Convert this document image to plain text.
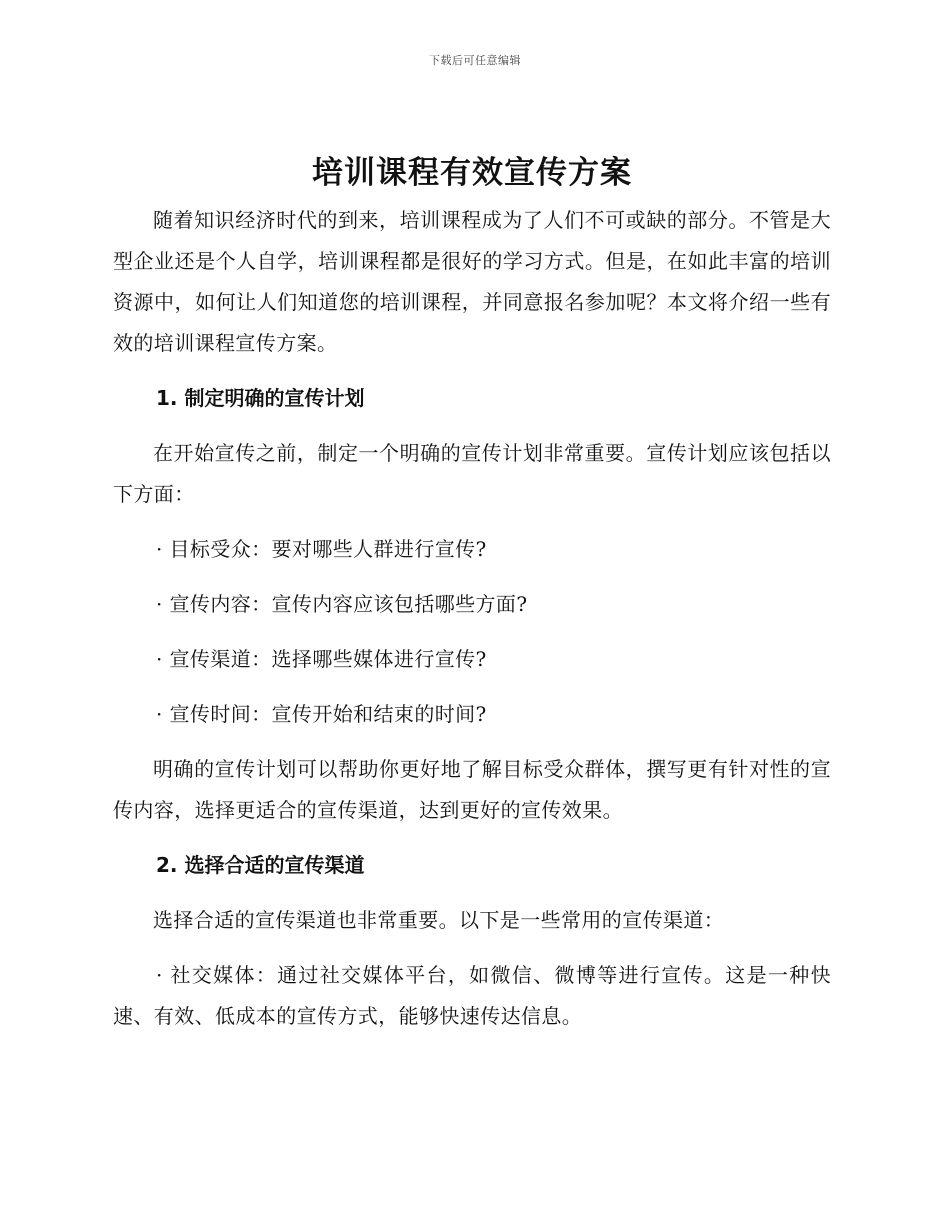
下载后可任意编辑
培训课程有效宣传方案

随着知识经济时代的到来，培训课程成为了人们不可或缺的部分。不管是大型企业还是个人自学，培训课程都是很好的学习方式。但是，在如此丰富的培训资源中，如何让人们知道您的培训课程，并同意报名参加呢？本文将介绍一些有效的培训课程宣传方案。

1. 制定明确的宣传计划

在开始宣传之前，制定一个明确的宣传计划非常重要。宣传计划应该包括以下方面：

· 目标受众：要对哪些人群进行宣传?
· 宣传内容：宣传内容应该包括哪些方面?
· 宣传渠道：选择哪些媒体进行宣传?
· 宣传时间：宣传开始和结束的时间?

明确的宣传计划可以帮助你更好地了解目标受众群体，撰写更有针对性的宣传内容，选择更适合的宣传渠道，达到更好的宣传效果。

2. 选择合适的宣传渠道

选择合适的宣传渠道也非常重要。以下是一些常用的宣传渠道：

· 社交媒体：通过社交媒体平台，如微信、微博等进行宣传。这是一种快速、有效、低成本的宣传方式，能够快速传达信息。
